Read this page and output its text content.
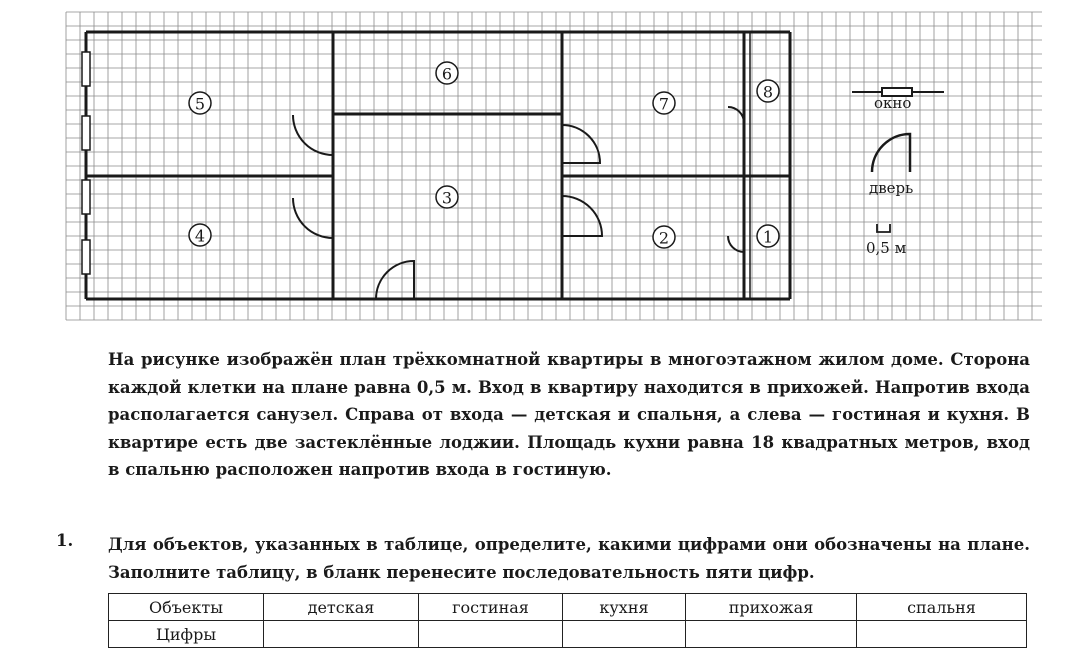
5
6
7
8
3
4	2	1
окно
дверь
0,5 м

На рисунке изображён план трёхкомнатной квартиры в многоэтажном жилом доме. Сторона каждой клетки на плане равна 0,5 м. Вход в квартиру находится в прихожей. Напротив входа располагается санузел. Справа от входа — детская и спальня, а слева — гостиная и кухня. В квартире есть две застеклённые лоджии. Площадь кухни равна 18 квадратных метров, вход в спальню расположен напротив входа в гостиную.

1. Для объектов, указанных в таблице, определите, какими цифрами они обозначены на плане. Заполните таблицу, в бланк перенесите последовательность пяти цифр.

Объекты	детская	гостиная	кухня	прихожая	спальня
Цифры					
